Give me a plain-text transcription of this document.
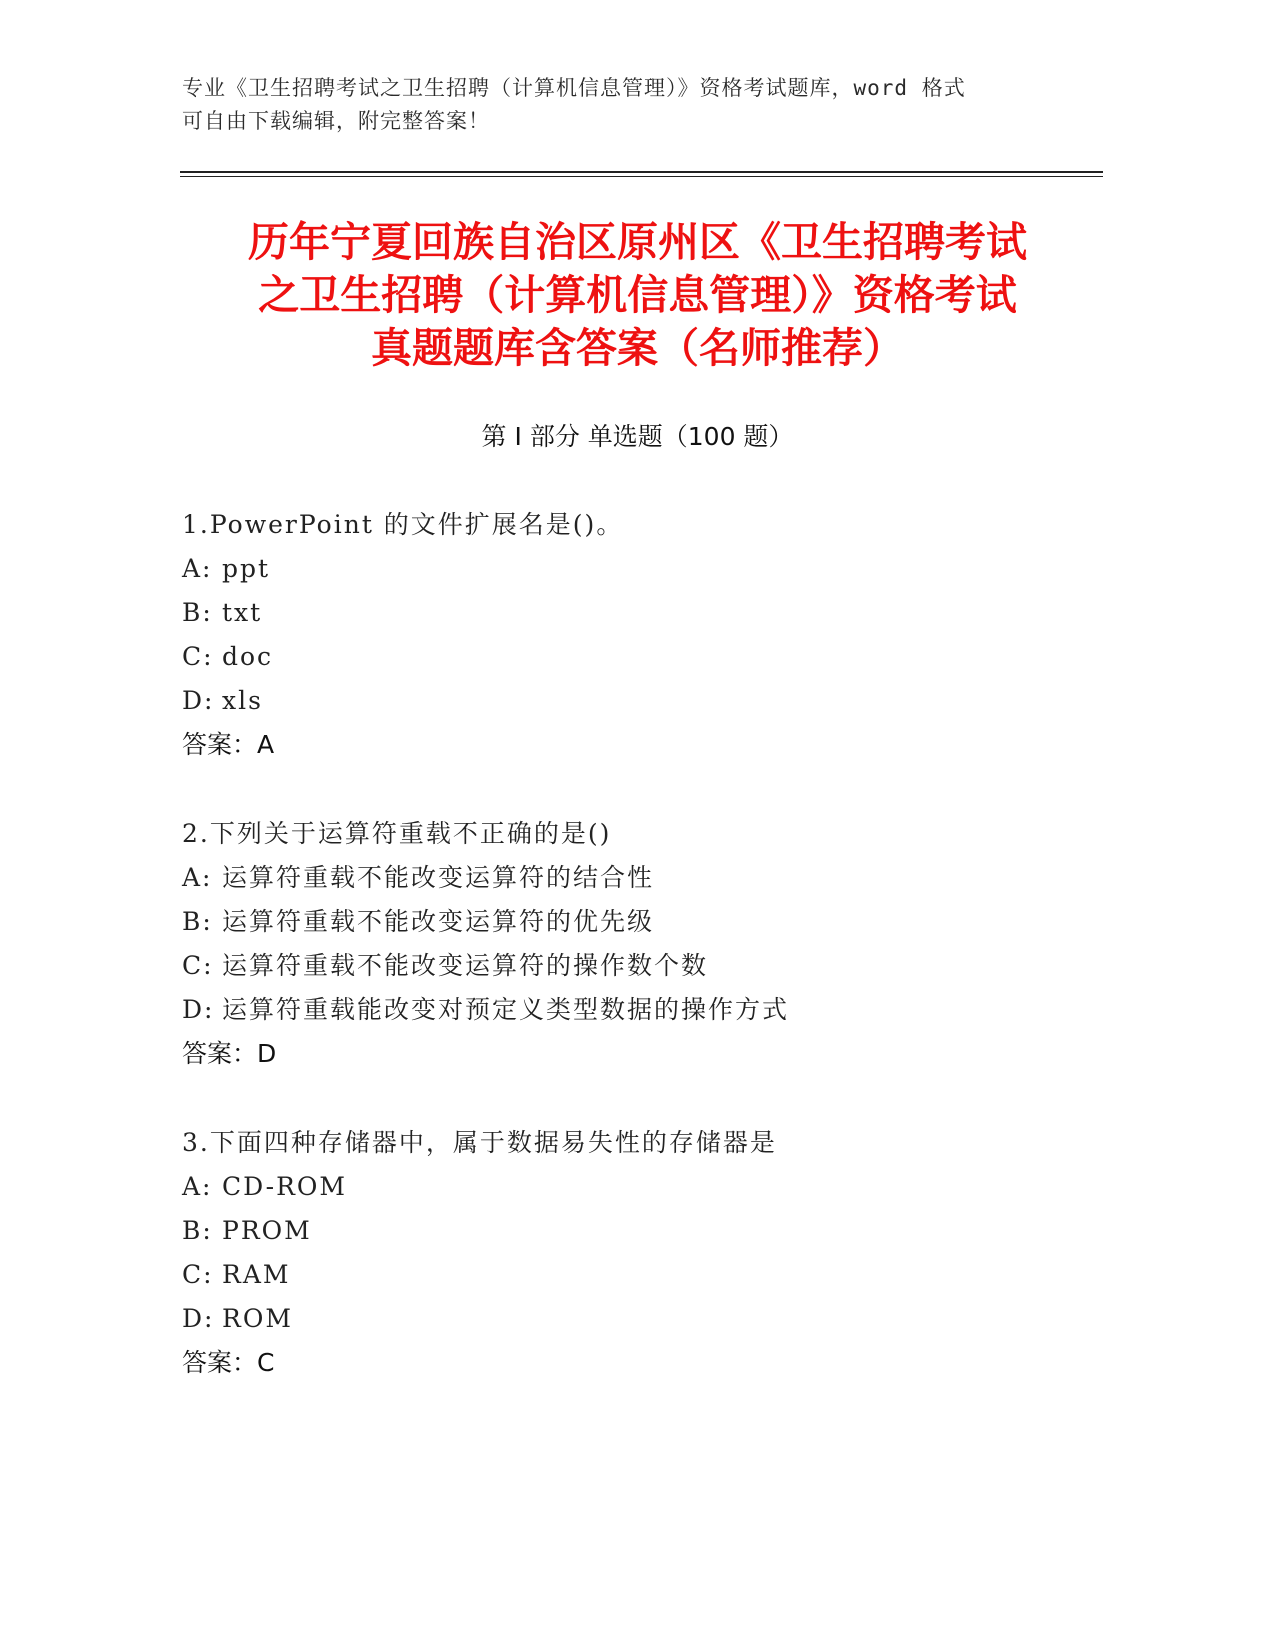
专业《卫生招聘考试之卫生招聘（计算机信息管理）》资格考试题库，word 格式
可自由下载编辑，附完整答案！
历年宁夏回族自治区原州区《卫生招聘考试
之卫生招聘（计算机信息管理）》资格考试
真题题库含答案（名师推荐）
第 I 部分 单选题（100 题）
1.PowerPoint 的文件扩展名是()。
A: ppt
B: txt
C: doc
D: xls
答案：A
2.下列关于运算符重载不正确的是()
A: 运算符重载不能改变运算符的结合性
B: 运算符重载不能改变运算符的优先级
C: 运算符重载不能改变运算符的操作数个数
D: 运算符重载能改变对预定义类型数据的操作方式
答案：D
3.下面四种存储器中，属于数据易失性的存储器是
A: CD-ROM
B: PROM
C: RAM
D: ROM
答案：C
